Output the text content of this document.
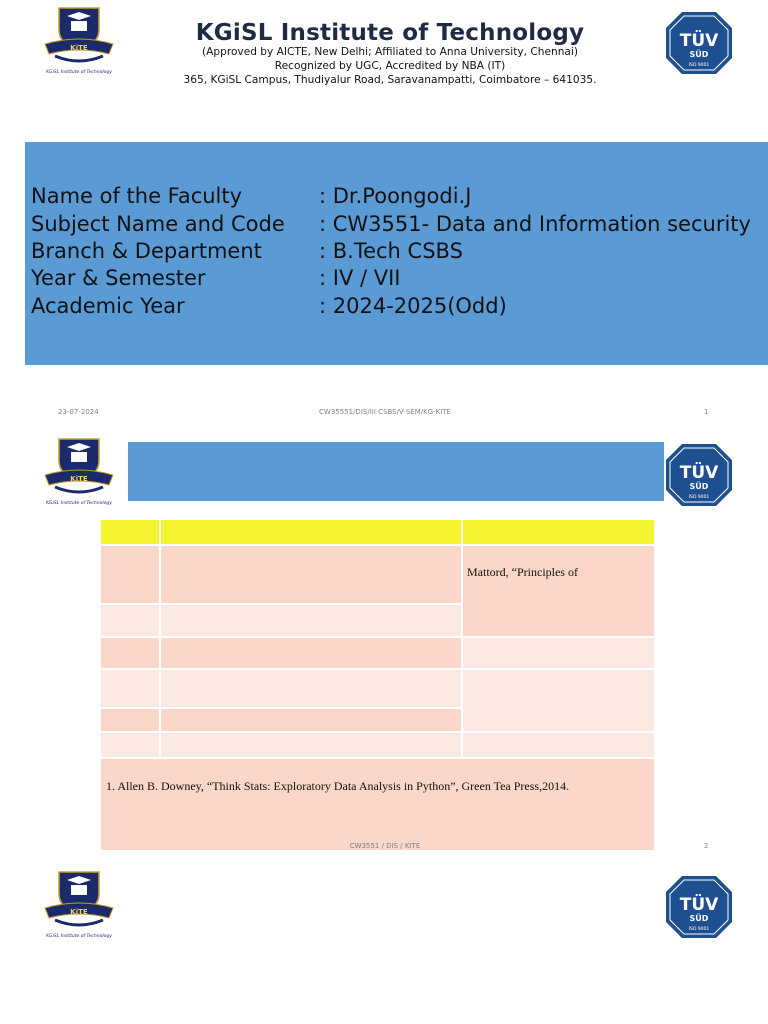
KiTE
KGiSL Institute of Technology
TÜV
SÜD
ISO 9001
KGiSL Institute of Technology
(Approved by AICTE, New Delhi; Affiliated to Anna University, Chennai)
Recognized by UGC, Accredited by NBA (IT)
365, KGiSL Campus, Thudiyalur Road, Saravanampatti, Coimbatore – 641035.
Name of the Faculty	: Dr.Poongodi.J
Subject Name and Code : CW3551- Data and Information security
Branch & Department	: B.Tech CSBS
Year & Semester	: IV / VII
Academic Year	: 2024-2025(Odd)
23-07-2024	CW35551/DIS/III CSBS/V-SEM/KG-KITE	1
KiTE
KGiSL Institute of Technology
TÜV
SÜD
ISO 9001
Mattord, “Principles of
1. Allen B. Downey, “Think Stats: Exploratory Data Analysis in Python”, Green Tea Press,2014.
CW3551 / DIS / KITE	2
KiTE
KGiSL Institute of Technology
TÜV
SÜD
ISO 9001
